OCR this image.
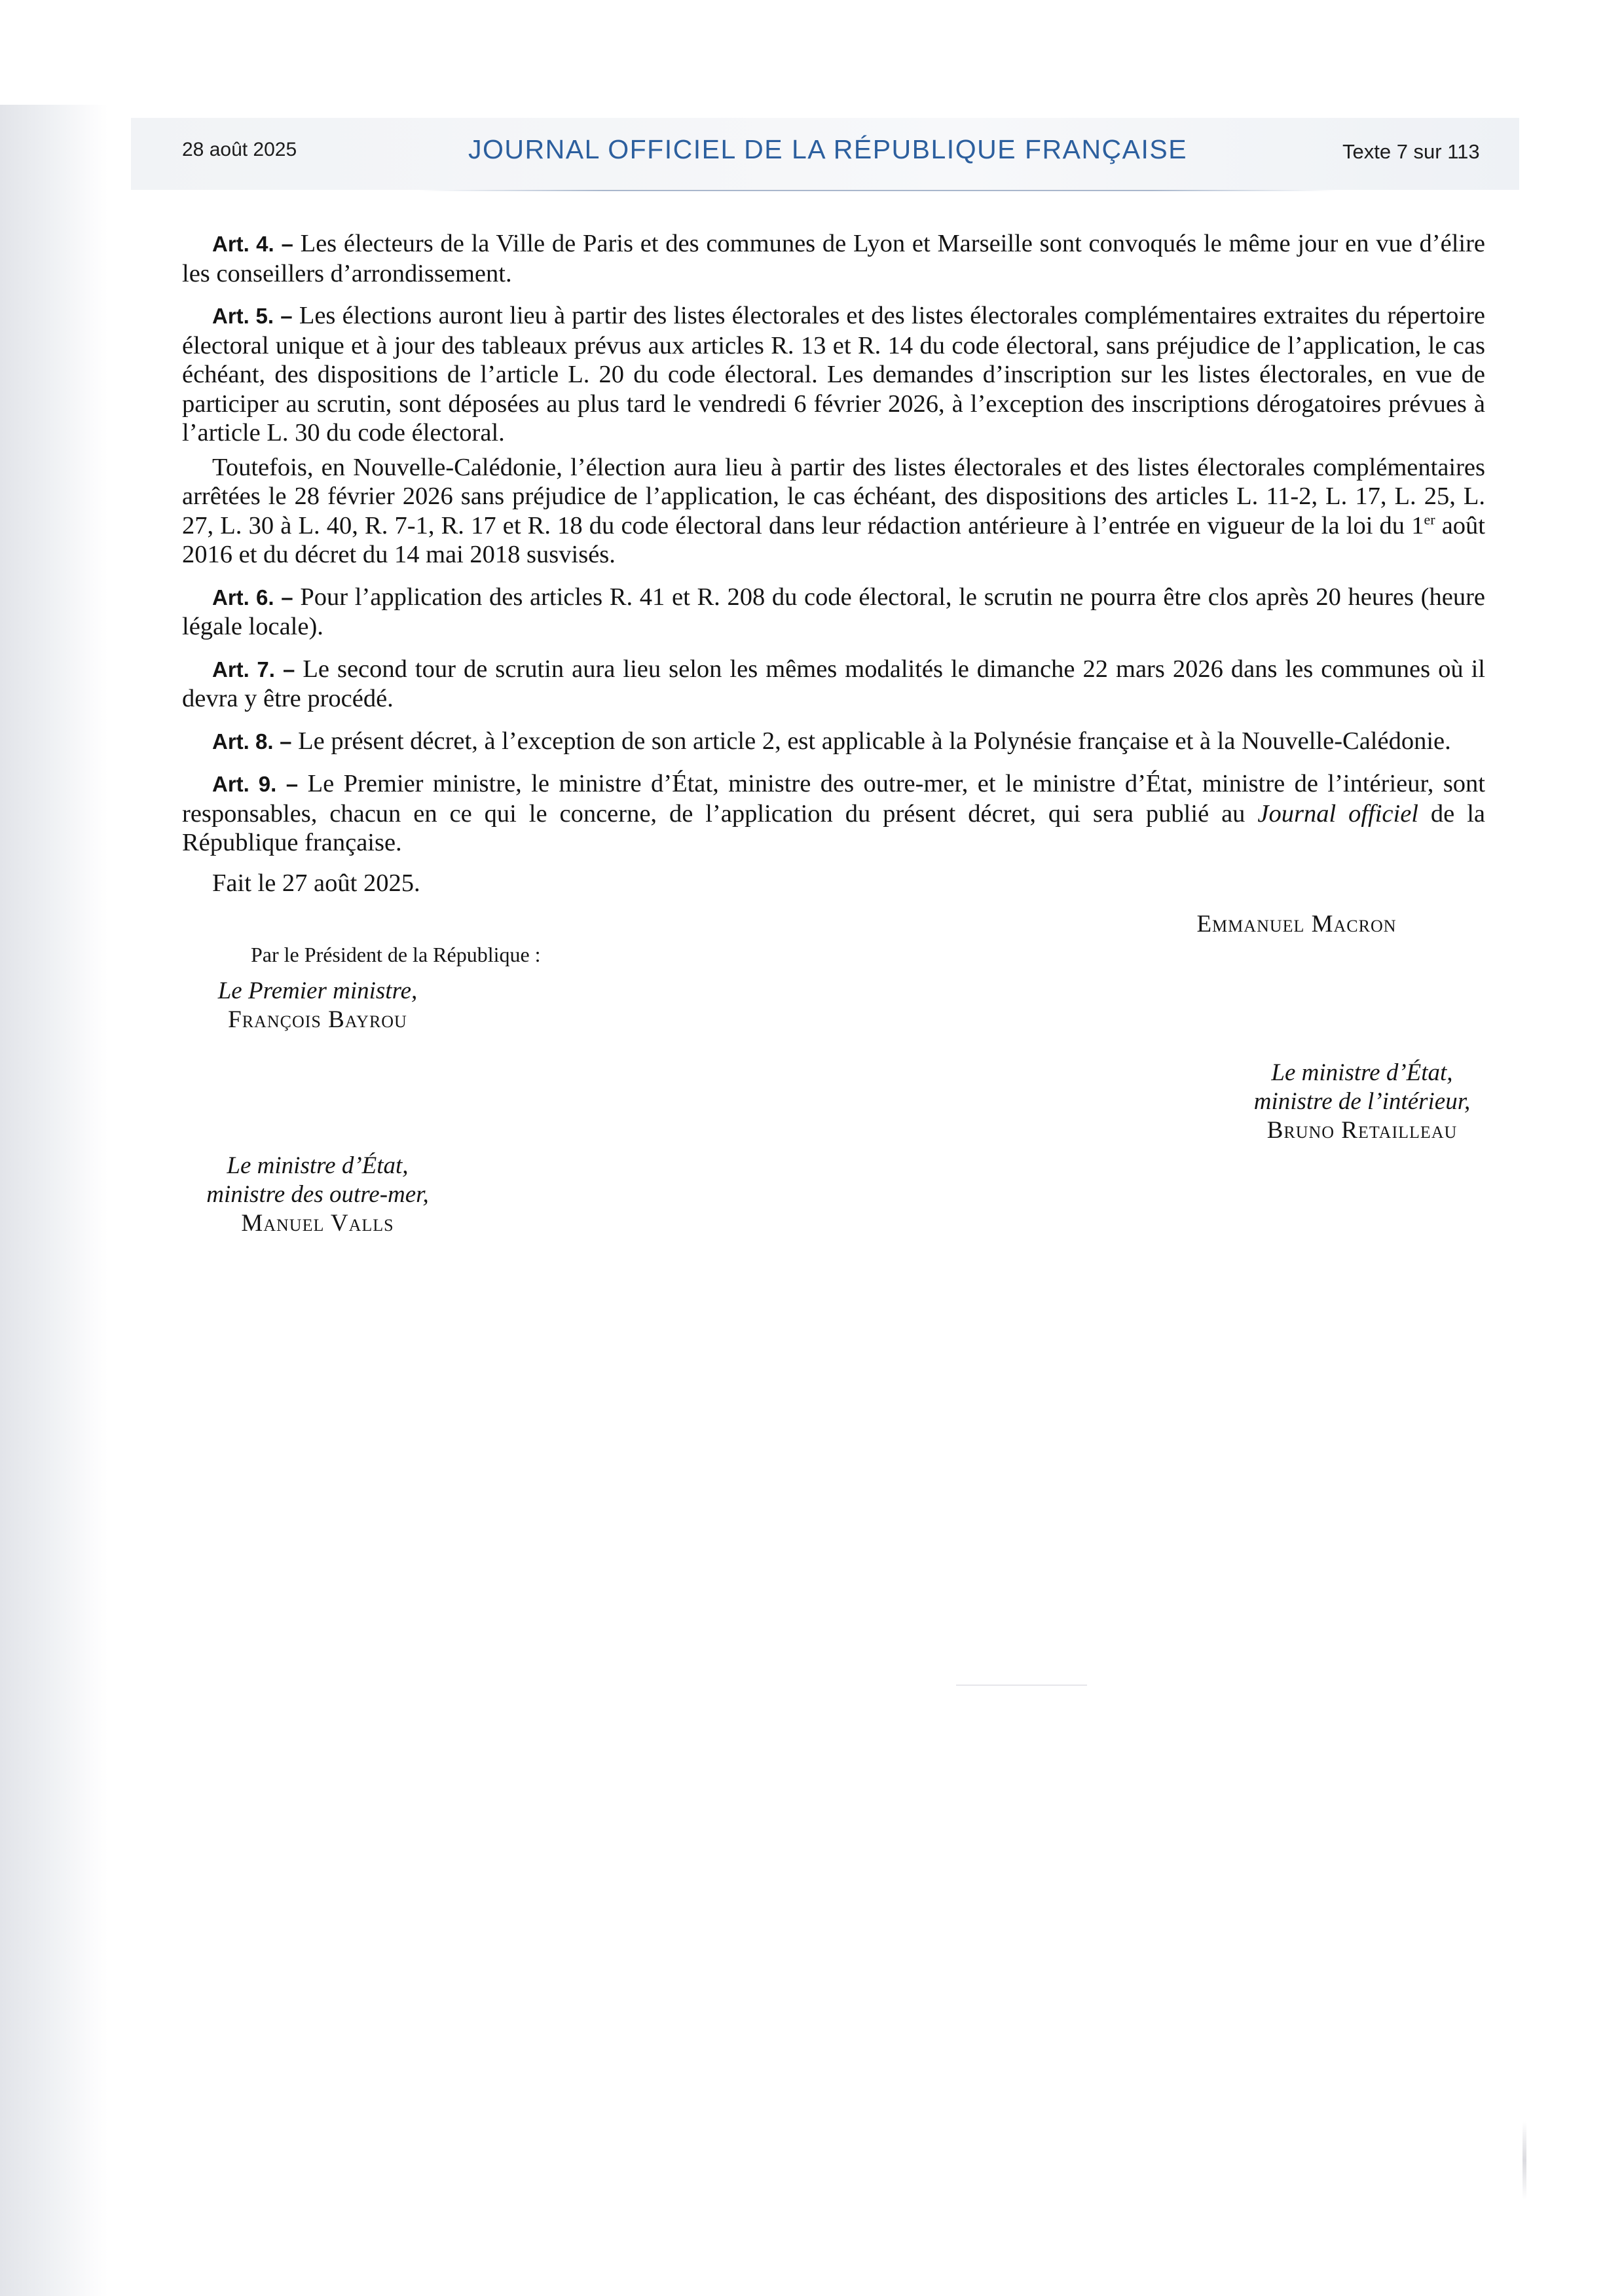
28 août 2025	JOURNAL OFFICIEL DE LA RÉPUBLIQUE FRANÇAISE	Texte 7 sur 113

Art. 4. – Les électeurs de la Ville de Paris et des communes de Lyon et Marseille sont convoqués le même jour en vue d’élire les conseillers d’arrondissement.

Art. 5. – Les élections auront lieu à partir des listes électorales et des listes électorales complémentaires extraites du répertoire électoral unique et à jour des tableaux prévus aux articles R. 13 et R. 14 du code électoral, sans préjudice de l’application, le cas échéant, des dispositions de l’article L. 20 du code électoral. Les demandes d’inscription sur les listes électorales, en vue de participer au scrutin, sont déposées au plus tard le vendredi 6 février 2026, à l’exception des inscriptions dérogatoires prévues à l’article L. 30 du code électoral.

Toutefois, en Nouvelle-Calédonie, l’élection aura lieu à partir des listes électorales et des listes électorales complémentaires arrêtées le 28 février 2026 sans préjudice de l’application, le cas échéant, des dispositions des articles L. 11-2, L. 17, L. 25, L. 27, L. 30 à L. 40, R. 7-1, R. 17 et R. 18 du code électoral dans leur rédaction antérieure à l’entrée en vigueur de la loi du 1er août 2016 et du décret du 14 mai 2018 susvisés.

Art. 6. – Pour l’application des articles R. 41 et R. 208 du code électoral, le scrutin ne pourra être clos après 20 heures (heure légale locale).

Art. 7. – Le second tour de scrutin aura lieu selon les mêmes modalités le dimanche 22 mars 2026 dans les communes où il devra y être procédé.

Art. 8. – Le présent décret, à l’exception de son article 2, est applicable à la Polynésie française et à la Nouvelle-Calédonie.

Art. 9. – Le Premier ministre, le ministre d’État, ministre des outre-mer, et le ministre d’État, ministre de l’intérieur, sont responsables, chacun en ce qui le concerne, de l’application du présent décret, qui sera publié au Journal officiel de la République française.

Fait le 27 août 2025.
Emmanuel Macron
Par le Président de la République :
Le Premier ministre,
François Bayrou
Le ministre d’État,
ministre de l’intérieur,
Bruno Retailleau
Le ministre d’État,
ministre des outre-mer,
Manuel Valls
